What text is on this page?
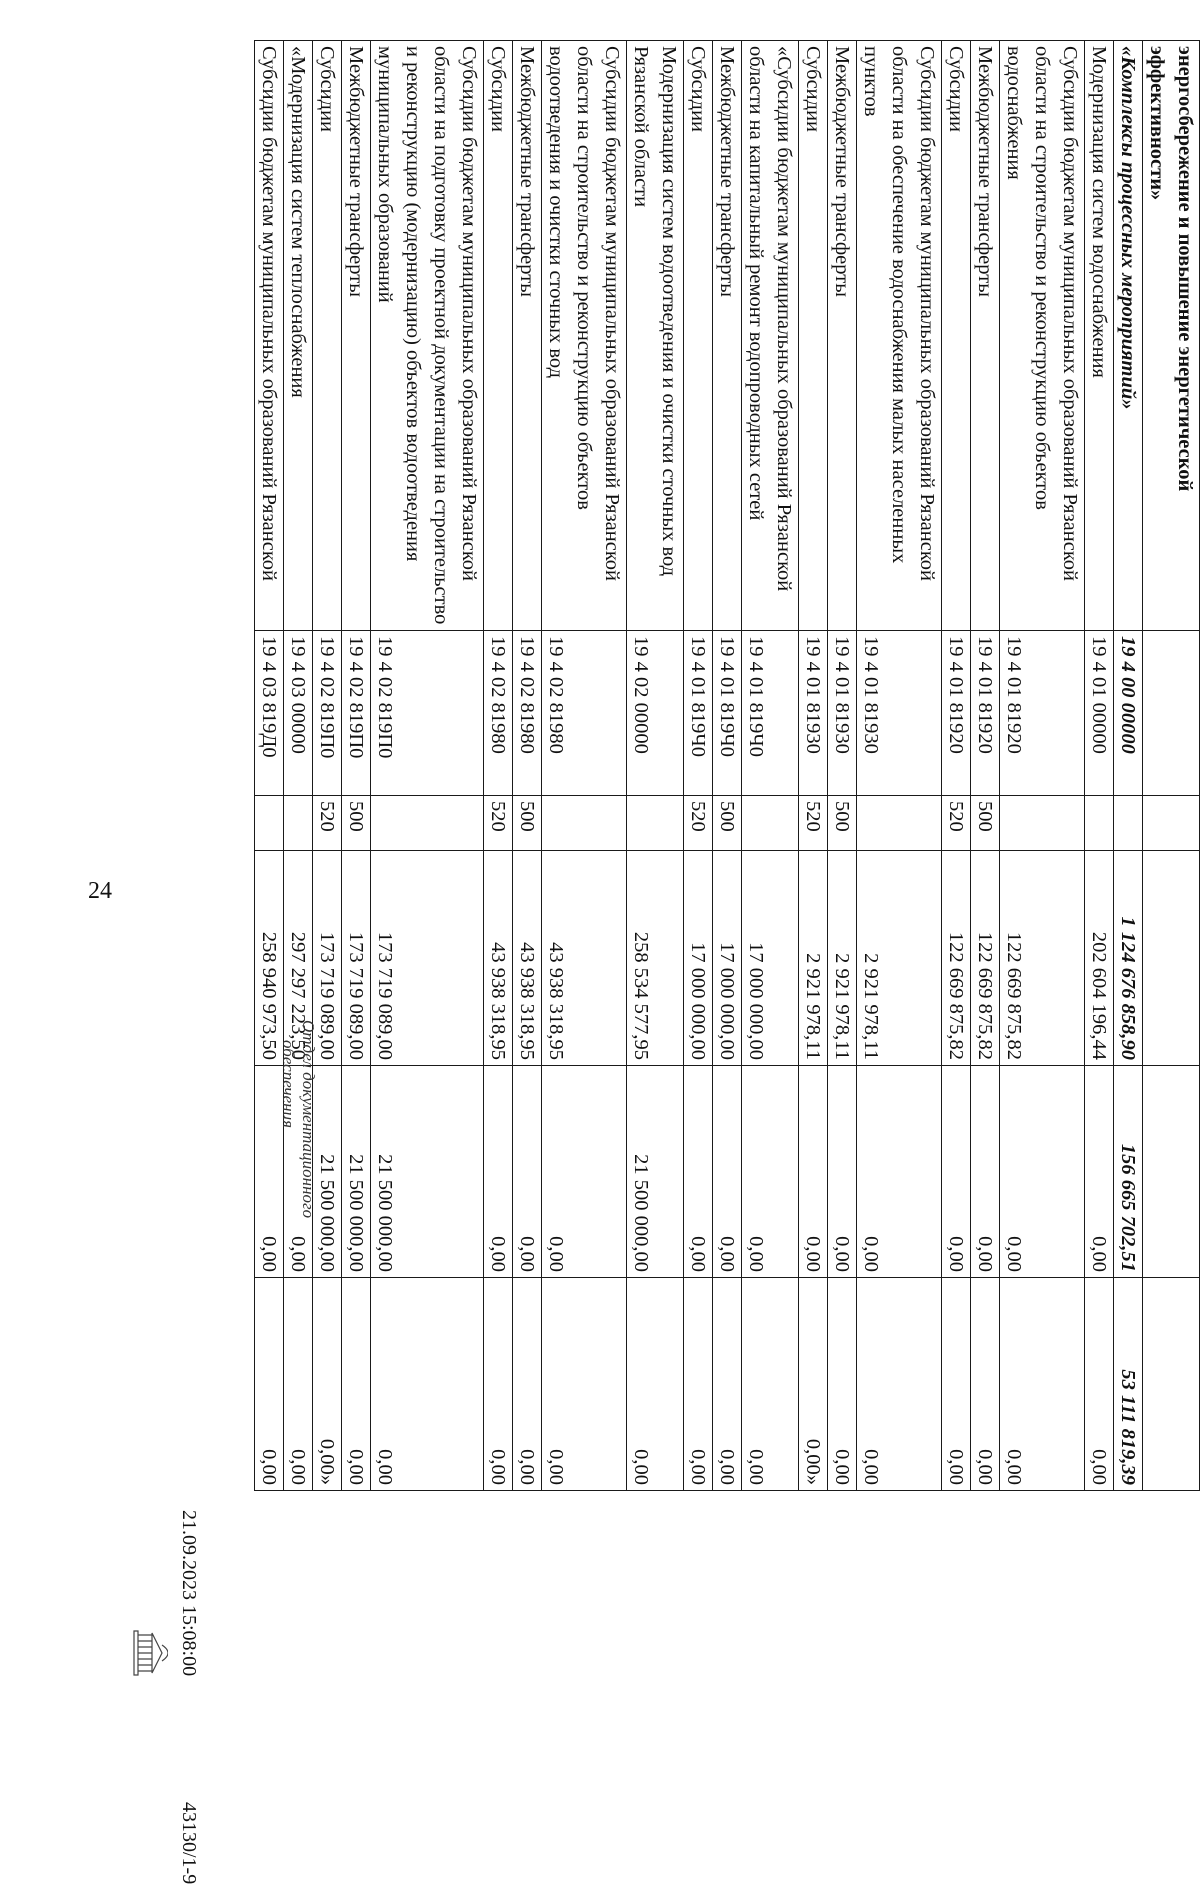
24
энергосбережение и повышение энергетической эффективности»					
«Комплексы процессных мероприятий»	19 4 00 00000		1 124 676 858,90	156 665 702,51	53 111 819,39
Модернизация систем водоснабжения	19 4 01 00000		202 604 196,44	0,00	0,00
Субсидии бюджетам муниципальных образований Рязанской области на строительство и реконструкцию объектов водоснабжения	19 4 01 81920		122 669 875,82	0,00	0,00
Межбюджетные трансферты	19 4 01 81920	500	122 669 875,82	0,00	0,00
Субсидии	19 4 01 81920	520	122 669 875,82	0,00	0,00
Субсидии бюджетам муниципальных образований Рязанской области на обеспечение водоснабжения малых населенных пунктов	19 4 01 81930		2 921 978,11	0,00	0,00
Межбюджетные трансферты	19 4 01 81930	500	2 921 978,11	0,00	0,00
Субсидии	19 4 01 81930	520	2 921 978,11	0,00	0,00»
«Субсидии бюджетам муниципальных образований Рязанской области на капитальный ремонт водопроводных сетей	19 4 01 819Ч0		17 000 000,00	0,00	0,00
Межбюджетные трансферты	19 4 01 819Ч0	500	17 000 000,00	0,00	0,00
Субсидии	19 4 01 819Ч0	520	17 000 000,00	0,00	0,00
Модернизация систем водоотведения и очистки сточных вод Рязанской области	19 4 02 00000		258 534 577,95	21 500 000,00	0,00
Субсидии бюджетам муниципальных образований Рязанской области на строительство и реконструкцию объектов водоотведения и очистки сточных вод	19 4 02 81980		43 938 318,95	0,00	0,00
Межбюджетные трансферты	19 4 02 81980	500	43 938 318,95	0,00	0,00
Субсидии	19 4 02 81980	520	43 938 318,95	0,00	0,00
Субсидии бюджетам муниципальных образований Рязанской области на подготовку проектной документации на строительство и реконструкцию (модернизацию) объектов водоотведения муниципальных образований	19 4 02 819П0		173 719 089,00	21 500 000,00	0,00
Межбюджетные трансферты	19 4 02 819П0	500	173 719 089,00	21 500 000,00	0,00
Субсидии	19 4 02 819П0	520	173 719 089,00	21 500 000,00	0,00»
«Модернизация систем теплоснабжения	19 4 03 00000		297 297 223,50	0,00	0,00
Субсидии бюджетам муниципальных образований Рязанской	19 4 03 819Д0		258 940 973,50	0,00	0,00
21.09.2023 15:08:00
43130/1-9
Отдел документационного
обеспечения
